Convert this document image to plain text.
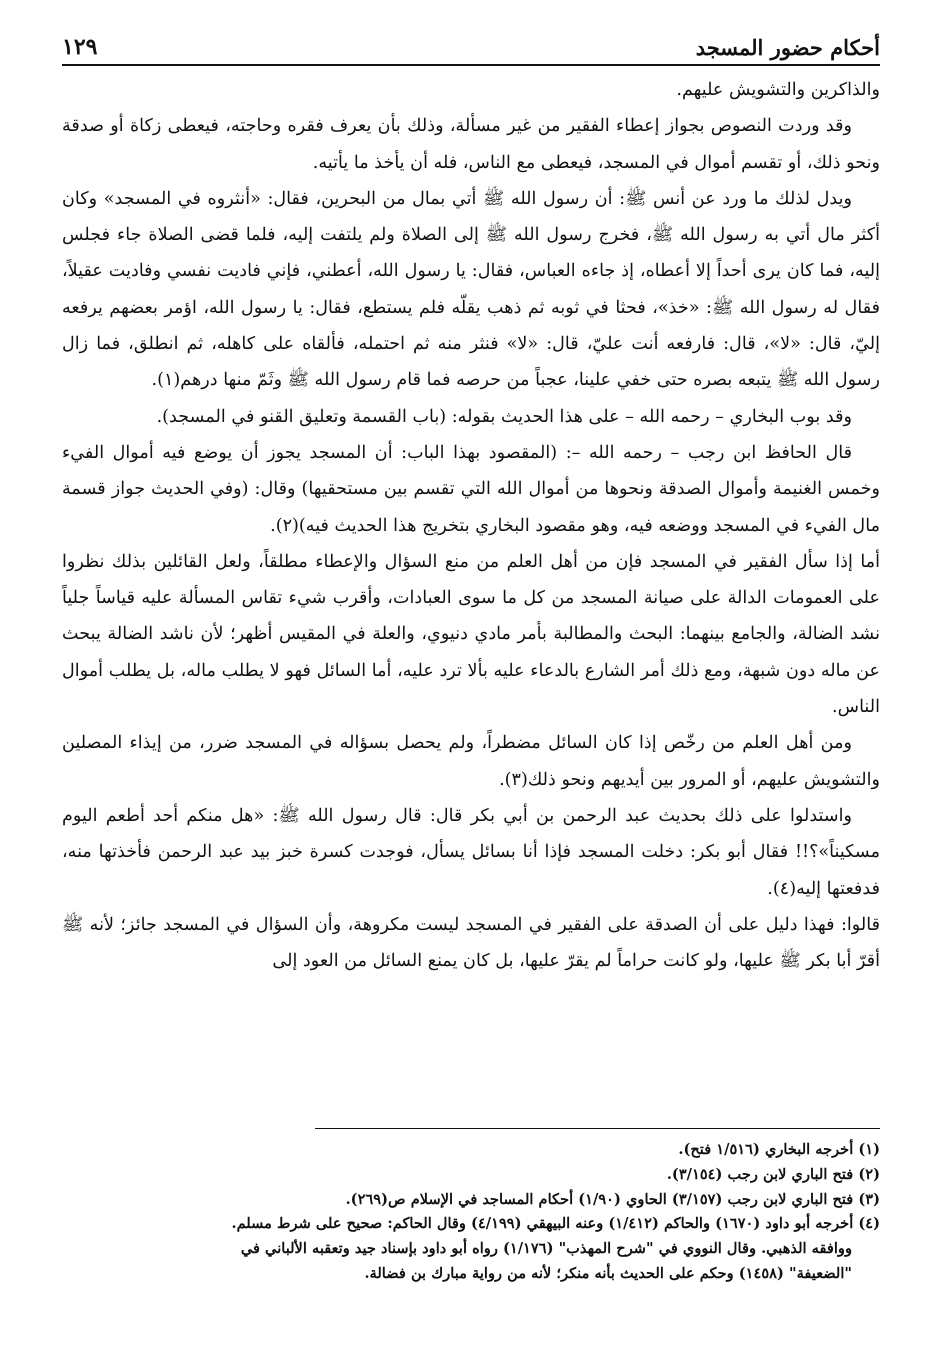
أحكام حضور المسجد
١٢٩

والذاكرين والتشويش عليهم.

وقد وردت النصوص بجواز إعطاء الفقير من غير مسألة، وذلك بأن يعرف فقره وحاجته، فيعطى زكاة أو صدقة ونحو ذلك، أو تقسم أموال في المسجد، فيعطى مع الناس، فله أن يأخذ ما يأتيه.

ويدل لذلك ما ورد عن أنس ﷺ: أن رسول الله ﷺ أتي بمال من البحرين، فقال: «أنثروه في المسجد» وكان أكثر مال أتي به رسول الله ﷺ، فخرج رسول الله ﷺ إلى الصلاة ولم يلتفت إليه، فلما قضى الصلاة جاء فجلس إليه، فما كان يرى أحداً إلا أعطاه، إذ جاءه العباس، فقال: يا رسول الله، أعطني، فإني فاديت نفسي وفاديت عقيلاً، فقال له رسول الله ﷺ: «خذ»، فحثا في ثوبه ثم ذهب يقلّه فلم يستطع، فقال: يا رسول الله، اؤمر بعضهم يرفعه إليّ، قال: «لا»، قال: فارفعه أنت عليّ، قال: «لا» فنثر منه ثم احتمله، فألقاه على كاهله، ثم انطلق، فما زال رسول الله ﷺ يتبعه بصره حتى خفي علينا، عجباً من حرصه فما قام رسول الله ﷺ وثَمّ منها درهم(١).

وقد بوب البخاري – رحمه الله – على هذا الحديث بقوله: (باب القسمة وتعليق القنو في المسجد).

قال الحافظ ابن رجب – رحمه الله –: (المقصود بهذا الباب: أن المسجد يجوز أن يوضع فيه أموال الفيء وخمس الغنيمة وأموال الصدقة ونحوها من أموال الله التي تقسم بين مستحقيها) وقال: (وفي الحديث جواز قسمة مال الفيء في المسجد ووضعه فيه، وهو مقصود البخاري بتخريج هذا الحديث فيه)(٢).

أما إذا سأل الفقير في المسجد فإن من أهل العلم من منع السؤال والإعطاء مطلقاً، ولعل القائلين بذلك نظروا على العمومات الدالة على صيانة المسجد من كل ما سوى العبادات، وأقرب شيء تقاس المسألة عليه قياساً جلياً نشد الضالة، والجامع بينهما: البحث والمطالبة بأمر مادي دنيوي، والعلة في المقيس أظهر؛ لأن ناشد الضالة يبحث عن ماله دون شبهة، ومع ذلك أمر الشارع بالدعاء عليه بألا ترد عليه، أما السائل فهو لا يطلب ماله، بل يطلب أموال الناس.

ومن أهل العلم من رخّص إذا كان السائل مضطراً، ولم يحصل بسؤاله في المسجد ضرر، من إيذاء المصلين والتشويش عليهم، أو المرور بين أيديهم ونحو ذلك(٣).

واستدلوا على ذلك بحديث عبد الرحمن بن أبي بكر قال: قال رسول الله ﷺ: «هل منكم أحد أطعم اليوم مسكيناً»؟!! فقال أبو بكر: دخلت المسجد فإذا أنا بسائل يسأل، فوجدت كسرة خبز بيد عبد الرحمن فأخذتها منه، فدفعتها إليه(٤).

قالوا: فهذا دليل على أن الصدقة على الفقير في المسجد ليست مكروهة، وأن السؤال في المسجد جائز؛ لأنه ﷺ أقرّ أبا بكر ﷺ عليها، ولو كانت حراماً لم يقرّ عليها، بل كان يمنع السائل من العود إلى

(١) أخرجه البخاري (١/٥١٦ فتح).

(٢) فتح الباري لابن رجب (٣/١٥٤).

(٣) فتح الباري لابن رجب (٣/١٥٧) الحاوي (١/٩٠) أحكام المساجد في الإسلام ص(٢٦٩).

(٤) أخرجه أبو داود (١٦٧٠) والحاكم (١/٤١٢) وعنه البيهقي (٤/١٩٩) وقال الحاكم: صحيح على شرط مسلم.

ووافقه الذهبي. وقال النووي في "شرح المهذب" (١/١٧٦) رواه أبو داود بإسناد جيد وتعقبه الألباني في

"الضعيفة" (١٤٥٨) وحكم على الحديث بأنه منكر؛ لأنه من رواية مبارك بن فضالة.
